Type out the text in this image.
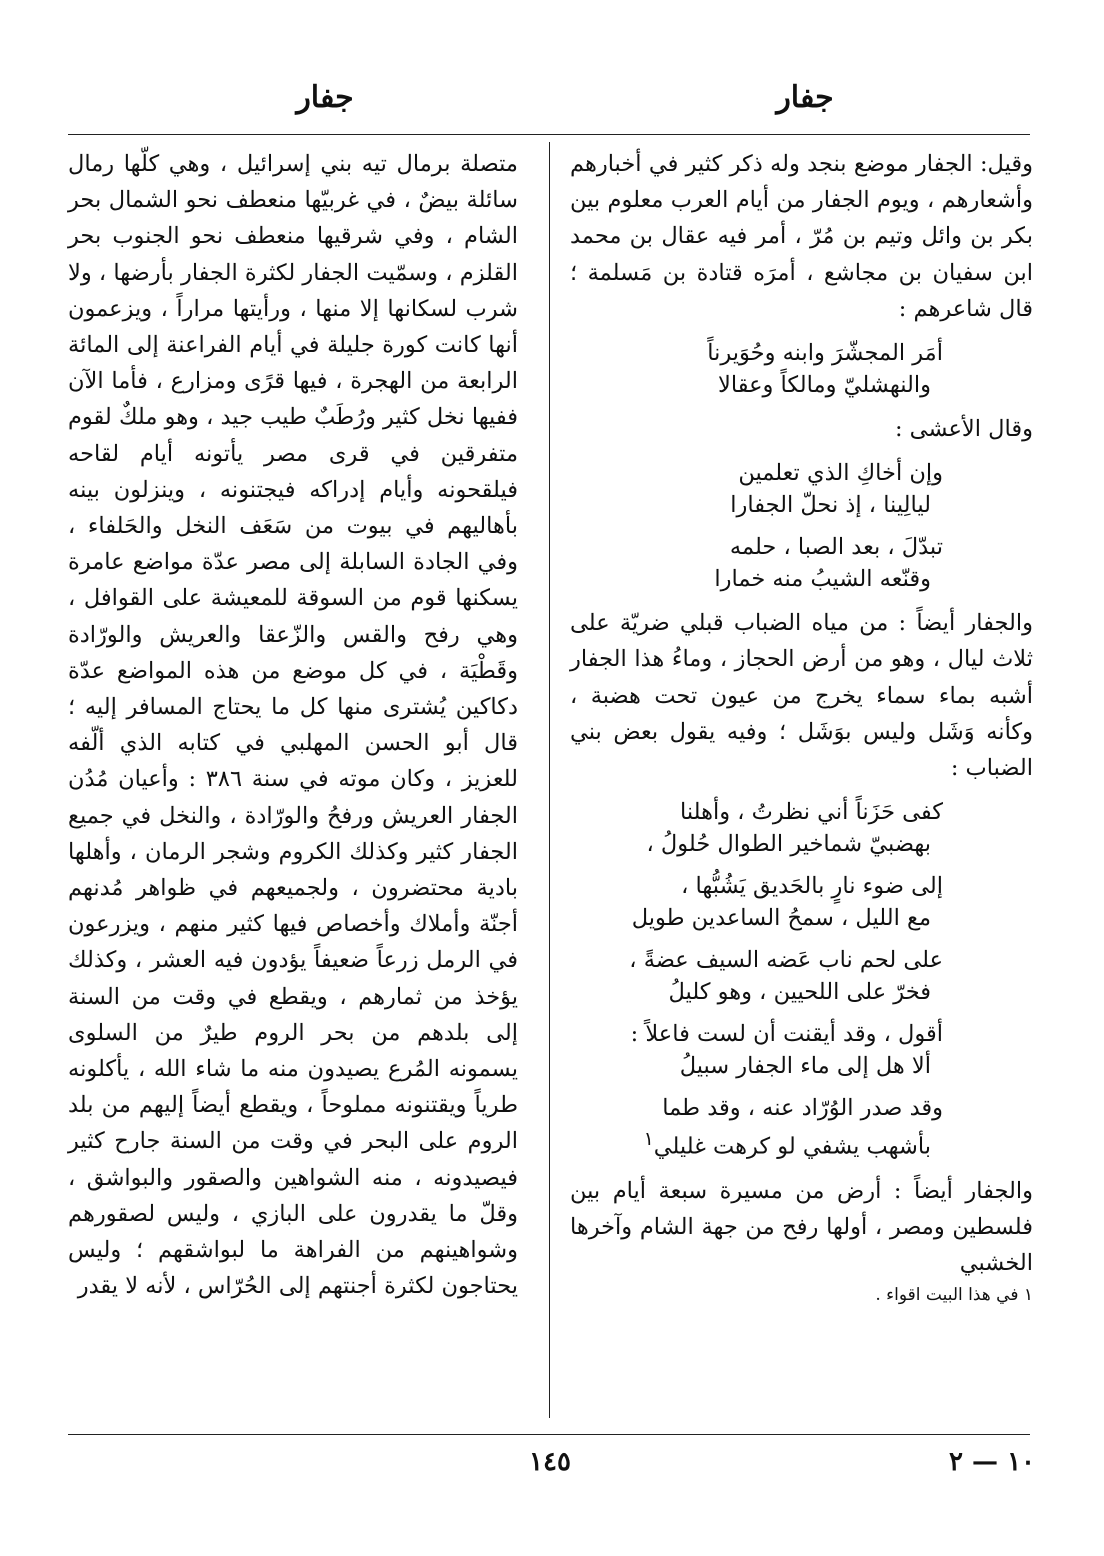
جفار
جفار

وقيل: الجفار موضع بنجد وله ذكر كثير في أخبارهم وأشعارهم ، ويوم الجفار من أيام العرب معلوم بين بكر بن وائل وتيم بن مُرّ ، أمر فيه عقال بن محمد ابن سفيان بن مجاشع ، أمرَه قتادة بن مَسلمة ؛ قال شاعرهم :

أمَر المجشّرَ وابنه وحُوَيرناً
والنهشليّ ومالكاً وعقالا

وقال الأعشى :

وإن أخاكِ الذي تعلمين
ليالِينا ، إذ نحلّ الجفارا
تبدّلَ ، بعد الصبا ، حلمه
وقنّعه الشيبُ منه خمارا

والجفار أيضاً : من مياه الضباب قبلي ضريّة على ثلاث ليال ، وهو من أرض الحجاز ، وماءُ هذا الجفار أشبه بماء سماء يخرج من عيون تحت هضبة ، وكأنه وَشَل وليس بوَشَل ؛ وفيه يقول بعض بني الضباب :

كفى حَزَناً أني نظرتُ ، وأهلنا
بهضبيّ شماخير الطوال حُلولُ ،
إلى ضوء نارٍ بالحَديق يَشُبُّها ،
مع الليل ، سمحُ الساعدين طويل
على لحم ناب عَضه السيف عضةً ،
فخرّ على اللحيين ، وهو كليلُ
أقول ، وقد أيقنت أن لست فاعلاً :
ألا هل إلى ماء الجفار سبيلُ
وقد صدر الوُرّاد عنه ، وقد طما
بأشهب يشفي لو كرهت غليلي$^١$

والجفار أيضاً : أرض من مسيرة سبعة أيام بين فلسطين ومصر ، أولها رفح من جهة الشام وآخرها الخشبي

١ في هذا البيت اقواء .

متصلة برمال تيه بني إسرائيل ، وهي كلّها رمال سائلة بيضٌ ، في غربيّها منعطف نحو الشمال بحر الشام ، وفي شرقيها منعطف نحو الجنوب بحر القلزم ، وسمّيت الجفار لكثرة الجفار بأرضها ، ولا شرب لسكانها إلا منها ، ورأيتها مراراً ، ويزعمون أنها كانت كورة جليلة في أيام الفراعنة إلى المائة الرابعة من الهجرة ، فيها قرًى ومزارع ، فأما الآن ففيها نخل كثير ورُطَبٌ طيب جيد ، وهو ملكٌ لقوم متفرقين في قرى مصر يأتونه أيام لقاحه فيلقحونه وأيام إدراكه فيجتنونه ، وينزلون بينه بأهاليهم في بيوت من سَعَف النخل والحَلفاء ، وفي الجادة السابلة إلى مصر عدّة مواضع عامرة يسكنها قوم من السوقة للمعيشة على القوافل ، وهي رفح والقس والزّعقا والعريش والورّادة وقَطْيَة ، في كل موضع من هذه المواضع عدّة دكاكين يُشترى منها كل ما يحتاج المسافر إليه ؛ قال أبو الحسن المهلبي في كتابه الذي ألّفه للعزيز ، وكان موته في سنة ٣٨٦ : وأعيان مُدُن الجفار العريش ورفحُ والورّادة ، والنخل في جميع الجفار كثير وكذلك الكروم وشجر الرمان ، وأهلها بادية محتضرون ، ولجميعهم في ظواهر مُدنهم أجنّة وأملاك وأخصاص فيها كثير منهم ، ويزرعون في الرمل زرعاً ضعيفاً يؤدون فيه العشر ، وكذلك يؤخذ من ثمارهم ، ويقطع في وقت من السنة إلى بلدهم من بحر الروم طيرٌ من السلوى يسمونه المُرع يصيدون منه ما شاء الله ، يأكلونه طرياً ويقتنونه مملوحاً ، ويقطع أيضاً إليهم من بلد الروم على البحر في وقت من السنة جارح كثير فيصيدونه ، منه الشواهين والصقور والبواشق ، وقلّ ما يقدرون على البازي ، وليس لصقورهم وشواهينهم من الفراهة ما لبواشقهم ؛ وليس يحتاجون لكثرة أجنتهم إلى الحُرّاس ، لأنه لا يقدر

١٤٥	١٠ — ٢
